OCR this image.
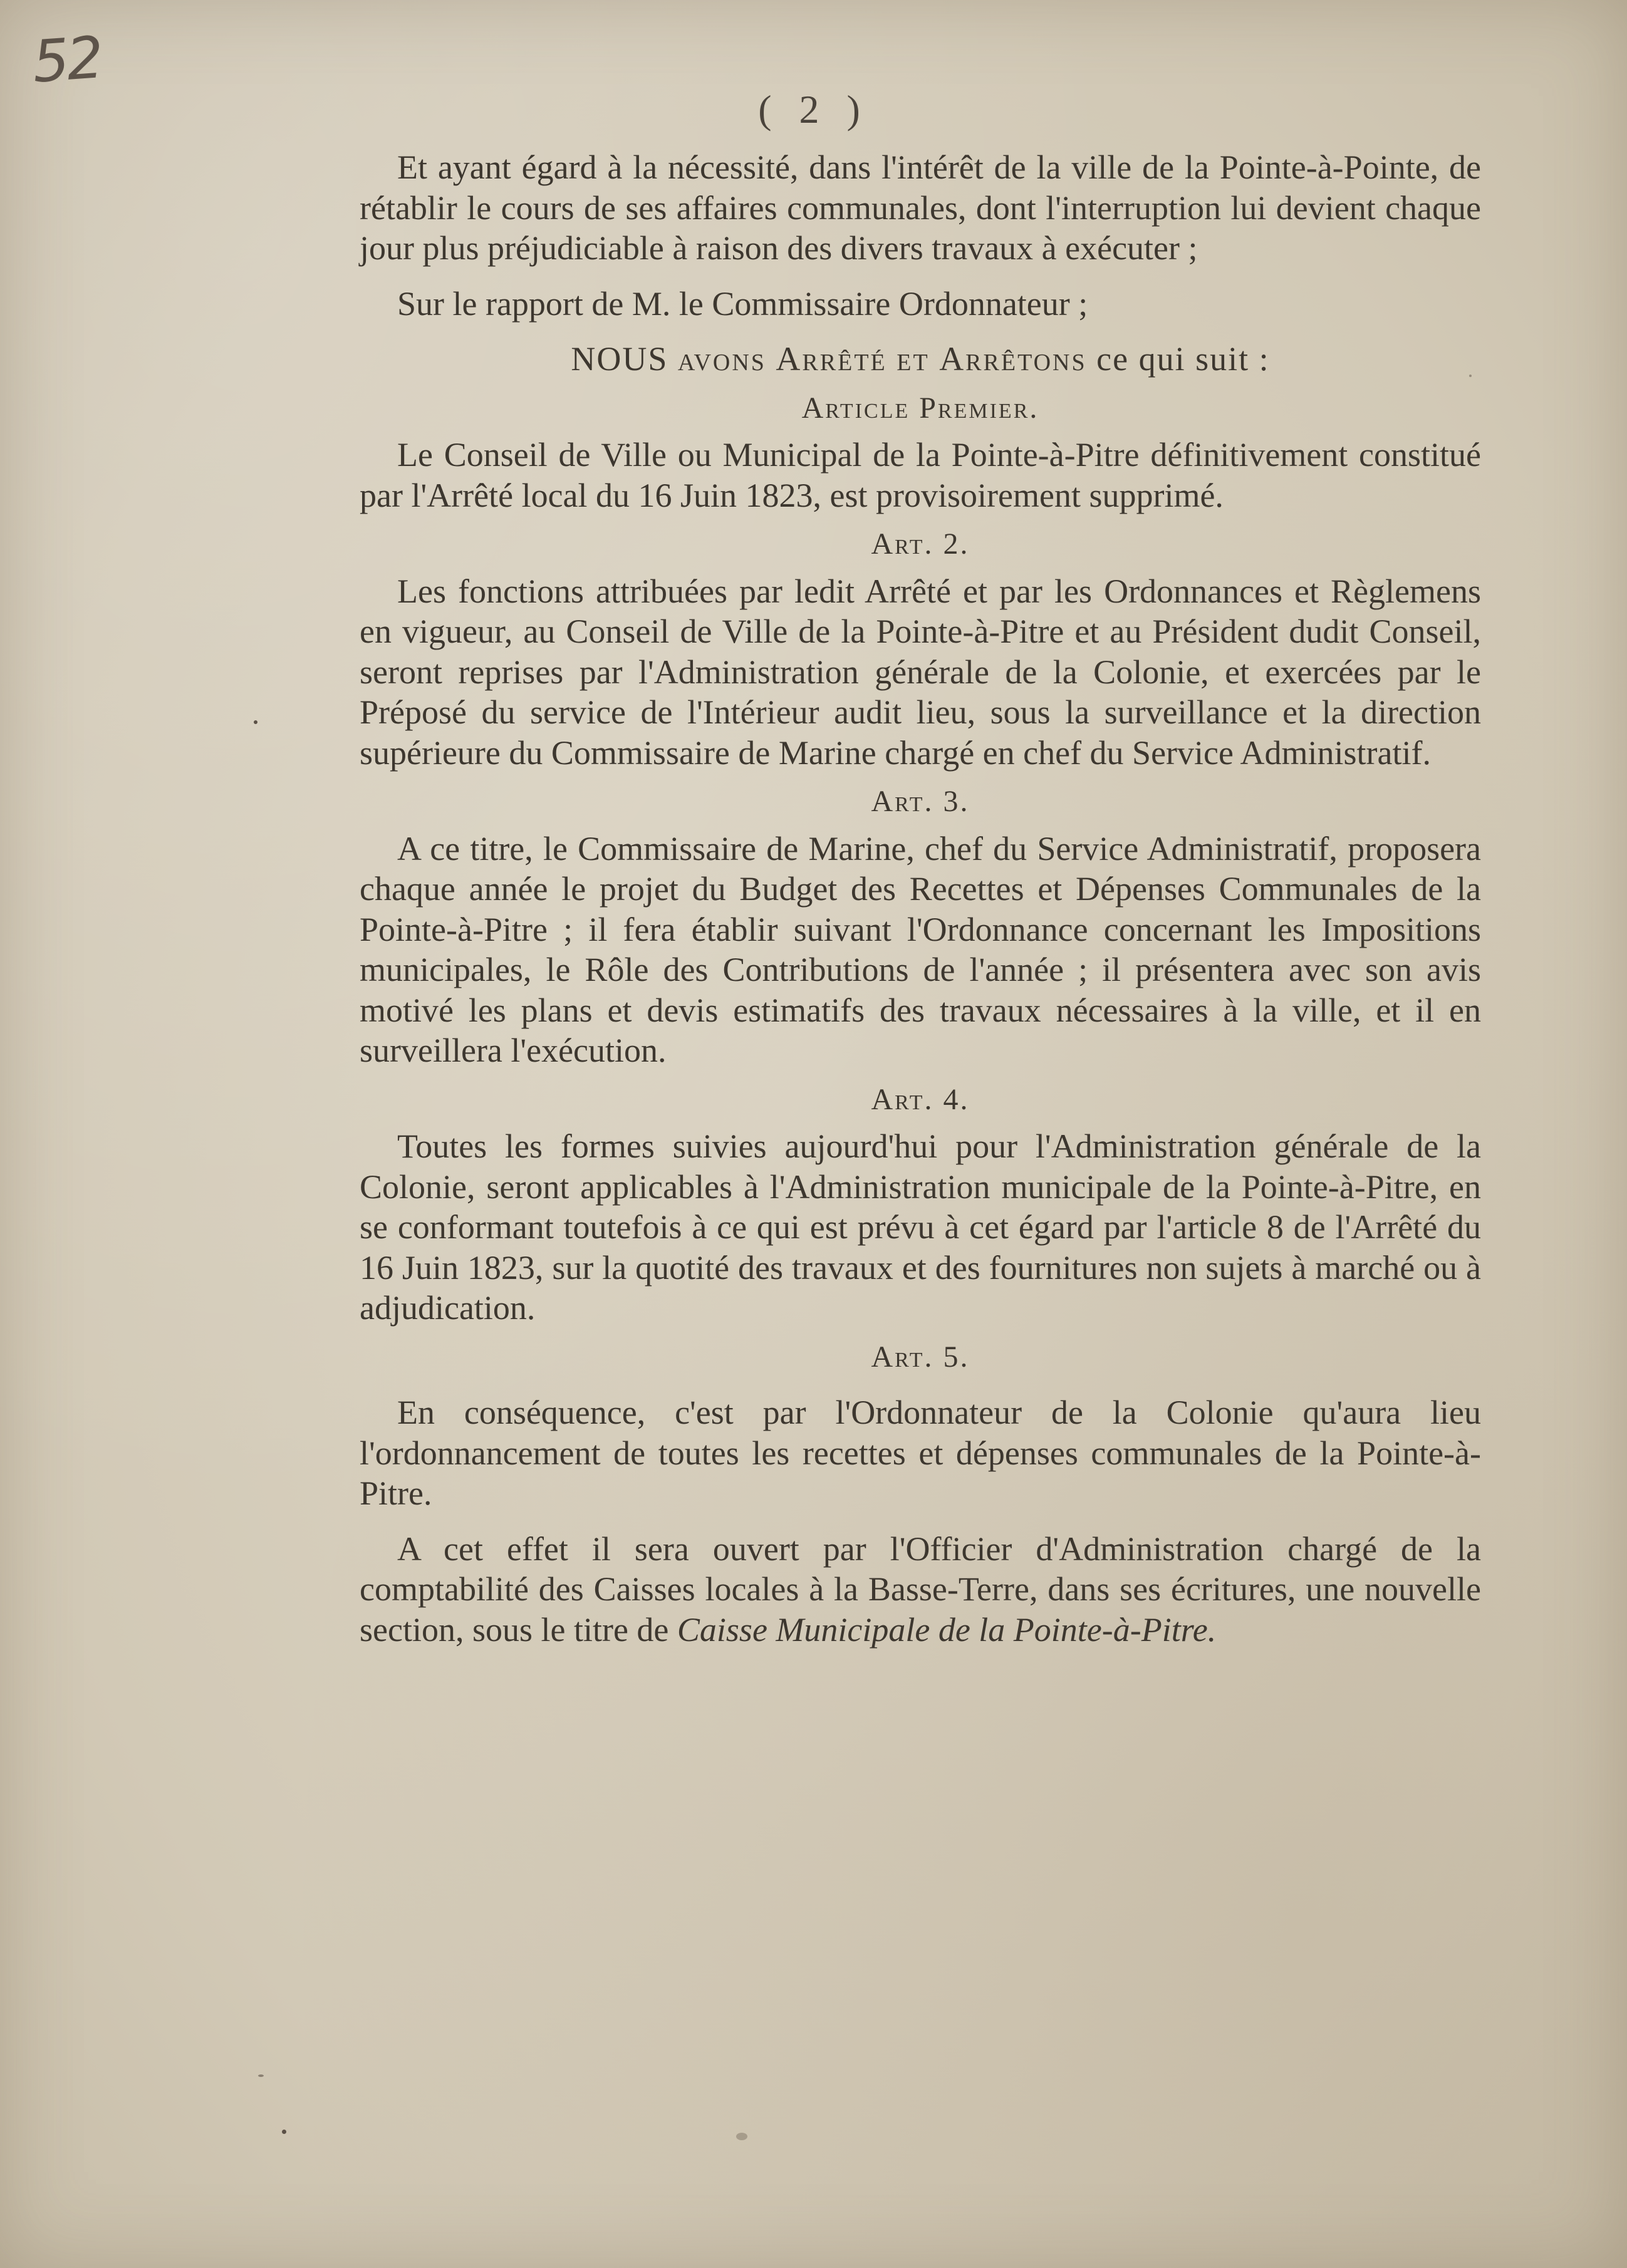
52
( 2 )

Et ayant égard à la nécessité, dans l'intérêt de la ville de la Pointe-à-Pointe, de rétablir le cours de ses affaires communales, dont l'interruption lui devient chaque jour plus préjudiciable à raison des divers travaux à exécuter ;

Sur le rapport de M. le Commissaire Ordonnateur ;

NOUS avons Arrêté et Arrêtons ce qui suit :

Article Premier.

Le Conseil de Ville ou Municipal de la Pointe-à-Pitre définitivement constitué par l'Arrêté local du 16 Juin 1823, est provisoirement supprimé.

Art. 2.

Les fonctions attribuées par ledit Arrêté et par les Ordonnances et Règlemens en vigueur, au Conseil de Ville de la Pointe-à-Pitre et au Président dudit Conseil, seront reprises par l'Administration générale de la Colonie, et exercées par le Préposé du service de l'Intérieur audit lieu, sous la surveillance et la direction supérieure du Commissaire de Marine chargé en chef du Service Administratif.

Art. 3.

A ce titre, le Commissaire de Marine, chef du Service Administratif, proposera chaque année le projet du Budget des Recettes et Dépenses Communales de la Pointe-à-Pitre ; il fera établir suivant l'Ordonnance concernant les Impositions municipales, le Rôle des Contributions de l'année ; il présentera avec son avis motivé les plans et devis estimatifs des travaux nécessaires à la ville, et il en surveillera l'exécution.

Art. 4.

Toutes les formes suivies aujourd'hui pour l'Administration générale de la Colonie, seront applicables à l'Administration municipale de la Pointe-à-Pitre, en se conformant toutefois à ce qui est prévu à cet égard par l'article 8 de l'Arrêté du 16 Juin 1823, sur la quotité des travaux et des fournitures non sujets à marché ou à adjudication.

Art. 5.

En conséquence, c'est par l'Ordonnateur de la Colonie qu'aura lieu l'ordonnancement de toutes les recettes et dépenses communales de la Pointe-à-Pitre.

A cet effet il sera ouvert par l'Officier d'Administration chargé de la comptabilité des Caisses locales à la Basse-Terre, dans ses écritures, une nouvelle section, sous le titre de Caisse Municipale de la Pointe-à-Pitre.
